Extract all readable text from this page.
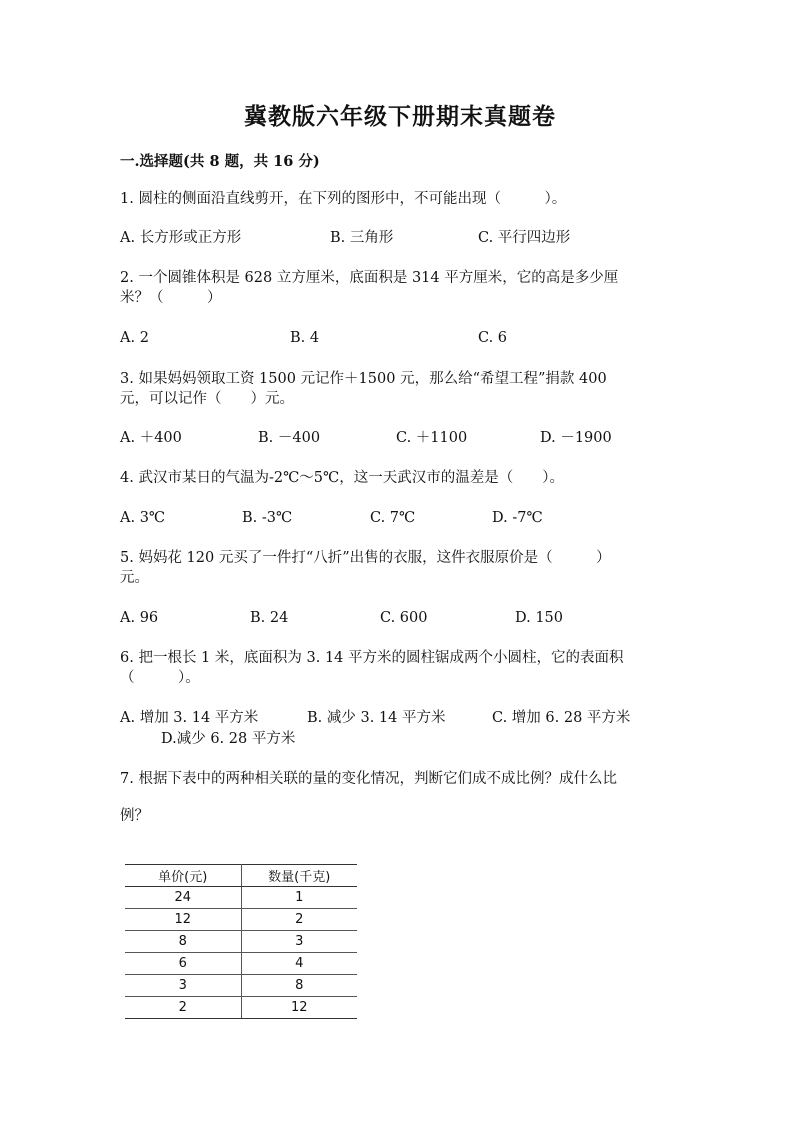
冀教版六年级下册期末真题卷
一.选择题(共 8 题，共 16 分)
1. 圆柱的侧面沿直线剪开，在下列的图形中，不可能出现（　　　）。
A. 长方形或正方形	B. 三角形	C. 平行四边形
2. 一个圆锥体积是 628 立方厘米，底面积是 314 平方厘米，它的高是多少厘
米？（　　　）
A. 2	B. 4	C. 6
3. 如果妈妈领取工资 1500 元记作＋1500 元，那么给“希望工程”捐款 400
元，可以记作（　　）元。
A. ＋400	B. －400	C. ＋1100	D. －1900
4. 武汉市某日的气温为-2℃～5℃，这一天武汉市的温差是（　　）。
A. 3℃	B. -3℃	C. 7℃	D. -7℃
5. 妈妈花 120 元买了一件打“八折”出售的衣服，这件衣服原价是（　　　）
元。
A. 96	B. 24	C. 600	D. 150
6. 把一根长 1 米，底面积为 3. 14 平方米的圆柱锯成两个小圆柱，它的表面积
（　　　）。
A. 增加 3. 14 平方米	B. 减少 3. 14 平方米	C. 增加 6. 28 平方米
D.减少 6. 28 平方米
7. 根据下表中的两种相关联的量的变化情况，判断它们成不成比例？成什么比
例？
单价(元)	数量(千克)
24	1
12	2
8	3
6	4
3	8
2	12
